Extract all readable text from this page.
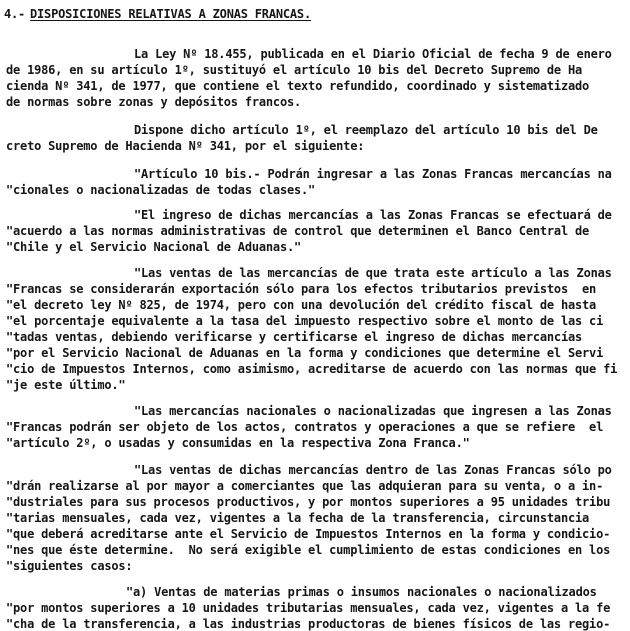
4.- DISPOSICIONES RELATIVAS A ZONAS FRANCAS.
La Ley Nº 18.455, publicada en el Diario Oficial de fecha 9 de enero
de 1986, en su artículo 1º, sustituyó el artículo 10 bis del Decreto Supremo de Ha
cienda Nº 341, de 1977, que contiene el texto refundido, coordinado y sistematizado
de normas sobre zonas y depósitos francos.
Dispone dicho artículo 1º, el reemplazo del artículo 10 bis del De
creto Supremo de Hacienda Nº 341, por el siguiente:
"Artículo 10 bis.- Podrán ingresar a las Zonas Francas mercancías na
"cionales o nacionalizadas de todas clases."
"El ingreso de dichas mercancías a las Zonas Francas se efectuará de
"acuerdo a las normas administrativas de control que determinen el Banco Central de
"Chile y el Servicio Nacional de Aduanas."
"Las ventas de las mercancías de que trata este artículo a las Zonas
"Francas se considerarán exportación sólo para los efectos tributarios previstos  en
"el decreto ley Nº 825, de 1974, pero con una devolución del crédito fiscal de hasta
"el porcentaje equivalente a la tasa del impuesto respectivo sobre el monto de las ci
"tadas ventas, debiendo verificarse y certificarse el ingreso de dichas mercancías
"por el Servicio Nacional de Aduanas en la forma y condiciones que determine el Servi
"cio de Impuestos Internos, como asimismo, acreditarse de acuerdo con las normas que fi
"je este último."
"Las mercancías nacionales o nacionalizadas que ingresen a las Zonas
"Francas podrán ser objeto de los actos, contratos y operaciones a que se refiere  el
"artículo 2º, o usadas y consumidas en la respectiva Zona Franca."
"Las ventas de dichas mercancías dentro de las Zonas Francas sólo po
"drán realizarse al por mayor a comerciantes que las adquieran para su venta, o a in-
"dustriales para sus procesos productivos, y por montos superiores a 95 unidades tribu
"tarias mensuales, cada vez, vigentes a la fecha de la transferencia, circunstancia
"que deberá acreditarse ante el Servicio de Impuestos Internos en la forma y condicio-
"nes que éste determine.  No será exigible el cumplimiento de estas condiciones en los
"siguientes casos:
"a) Ventas de materias primas o insumos nacionales o nacionalizados
"por montos superiores a 10 unidades tributarias mensuales, cada vez, vigentes a la fe
"cha de la transferencia, a las industrias productoras de bienes físicos de las regio-
